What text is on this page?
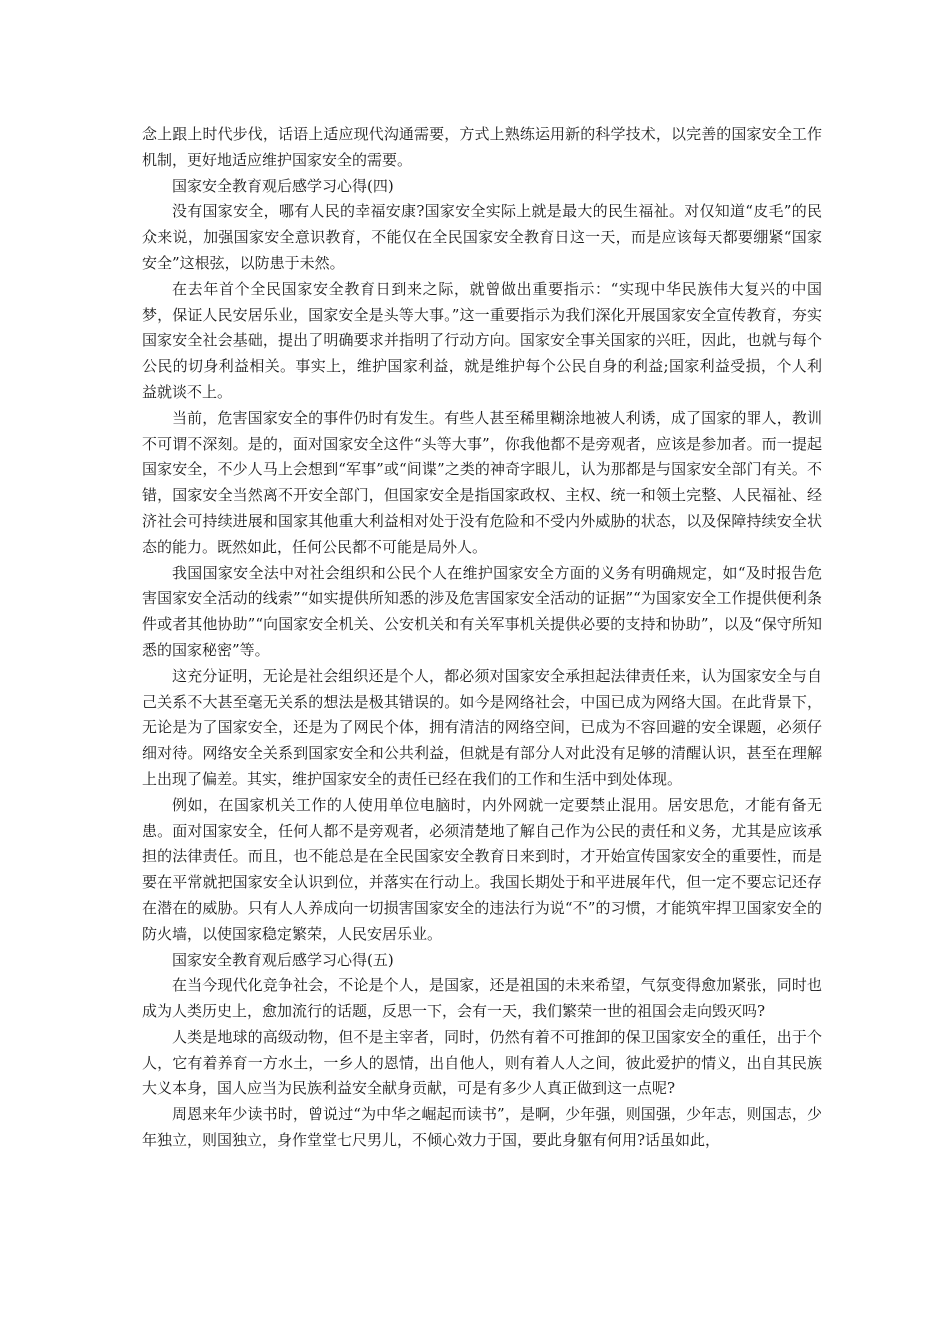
念上跟上时代步伐，话语上适应现代沟通需要，方式上熟练运用新的科学技术，以完善的国家安全工作机制，更好地适应维护国家安全的需要。

国家安全教育观后感学习心得(四)

没有国家安全，哪有人民的幸福安康?国家安全实际上就是最大的民生福祉。对仅知道“皮毛”的民众来说，加强国家安全意识教育，不能仅在全民国家安全教育日这一天，而是应该每天都要绷紧“国家安全”这根弦，以防患于未然。

在去年首个全民国家安全教育日到来之际，就曾做出重要指示：“实现中华民族伟大复兴的中国梦，保证人民安居乐业，国家安全是头等大事。”这一重要指示为我们深化开展国家安全宣传教育，夯实国家安全社会基础，提出了明确要求并指明了行动方向。国家安全事关国家的兴旺，因此，也就与每个公民的切身利益相关。事实上，维护国家利益，就是维护每个公民自身的利益;国家利益受损，个人利益就谈不上。

当前，危害国家安全的事件仍时有发生。有些人甚至稀里糊涂地被人利诱，成了国家的罪人，教训不可谓不深刻。是的，面对国家安全这件“头等大事”，你我他都不是旁观者，应该是参加者。而一提起国家安全，不少人马上会想到“军事”或“间谍”之类的神奇字眼儿，认为那都是与国家安全部门有关。不错，国家安全当然离不开安全部门，但国家安全是指国家政权、主权、统一和领土完整、人民福祉、经济社会可持续进展和国家其他重大利益相对处于没有危险和不受内外威胁的状态，以及保障持续安全状态的能力。既然如此，任何公民都不可能是局外人。

我国国家安全法中对社会组织和公民个人在维护国家安全方面的义务有明确规定，如“及时报告危害国家安全活动的线索”“如实提供所知悉的涉及危害国家安全活动的证据”“为国家安全工作提供便利条件或者其他协助”“向国家安全机关、公安机关和有关军事机关提供必要的支持和协助”，以及“保守所知悉的国家秘密”等。

这充分证明，无论是社会组织还是个人，都必须对国家安全承担起法律责任来，认为国家安全与自己关系不大甚至毫无关系的想法是极其错误的。如今是网络社会，中国已成为网络大国。在此背景下，无论是为了国家安全，还是为了网民个体，拥有清洁的网络空间，已成为不容回避的安全课题，必须仔细对待。网络安全关系到国家安全和公共利益，但就是有部分人对此没有足够的清醒认识，甚至在理解上出现了偏差。其实，维护国家安全的责任已经在我们的工作和生活中到处体现。

例如，在国家机关工作的人使用单位电脑时，内外网就一定要禁止混用。居安思危，才能有备无患。面对国家安全，任何人都不是旁观者，必须清楚地了解自己作为公民的责任和义务，尤其是应该承担的法律责任。而且，也不能总是在全民国家安全教育日来到时，才开始宣传国家安全的重要性，而是要在平常就把国家安全认识到位，并落实在行动上。我国长期处于和平进展年代，但一定不要忘记还存在潜在的威胁。只有人人养成向一切损害国家安全的违法行为说“不”的习惯，才能筑牢捍卫国家安全的防火墙，以使国家稳定繁荣，人民安居乐业。

国家安全教育观后感学习心得(五)

在当今现代化竞争社会，不论是个人，是国家，还是祖国的未来希望，气氛变得愈加紧张，同时也成为人类历史上，愈加流行的话题，反思一下，会有一天，我们繁荣一世的祖国会走向毁灭吗?

人类是地球的高级动物，但不是主宰者，同时，仍然有着不可推卸的保卫国家安全的重任，出于个人，它有着养育一方水土，一乡人的恩情，出自他人，则有着人人之间，彼此爱护的情义，出自其民族大义本身，国人应当为民族利益安全献身贡献，可是有多少人真正做到这一点呢?

周恩来年少读书时，曾说过“为中华之崛起而读书”，是啊，少年强，则国强，少年志，则国志，少年独立，则国独立，身作堂堂七尺男儿，不倾心效力于国，要此身躯有何用?话虽如此，
